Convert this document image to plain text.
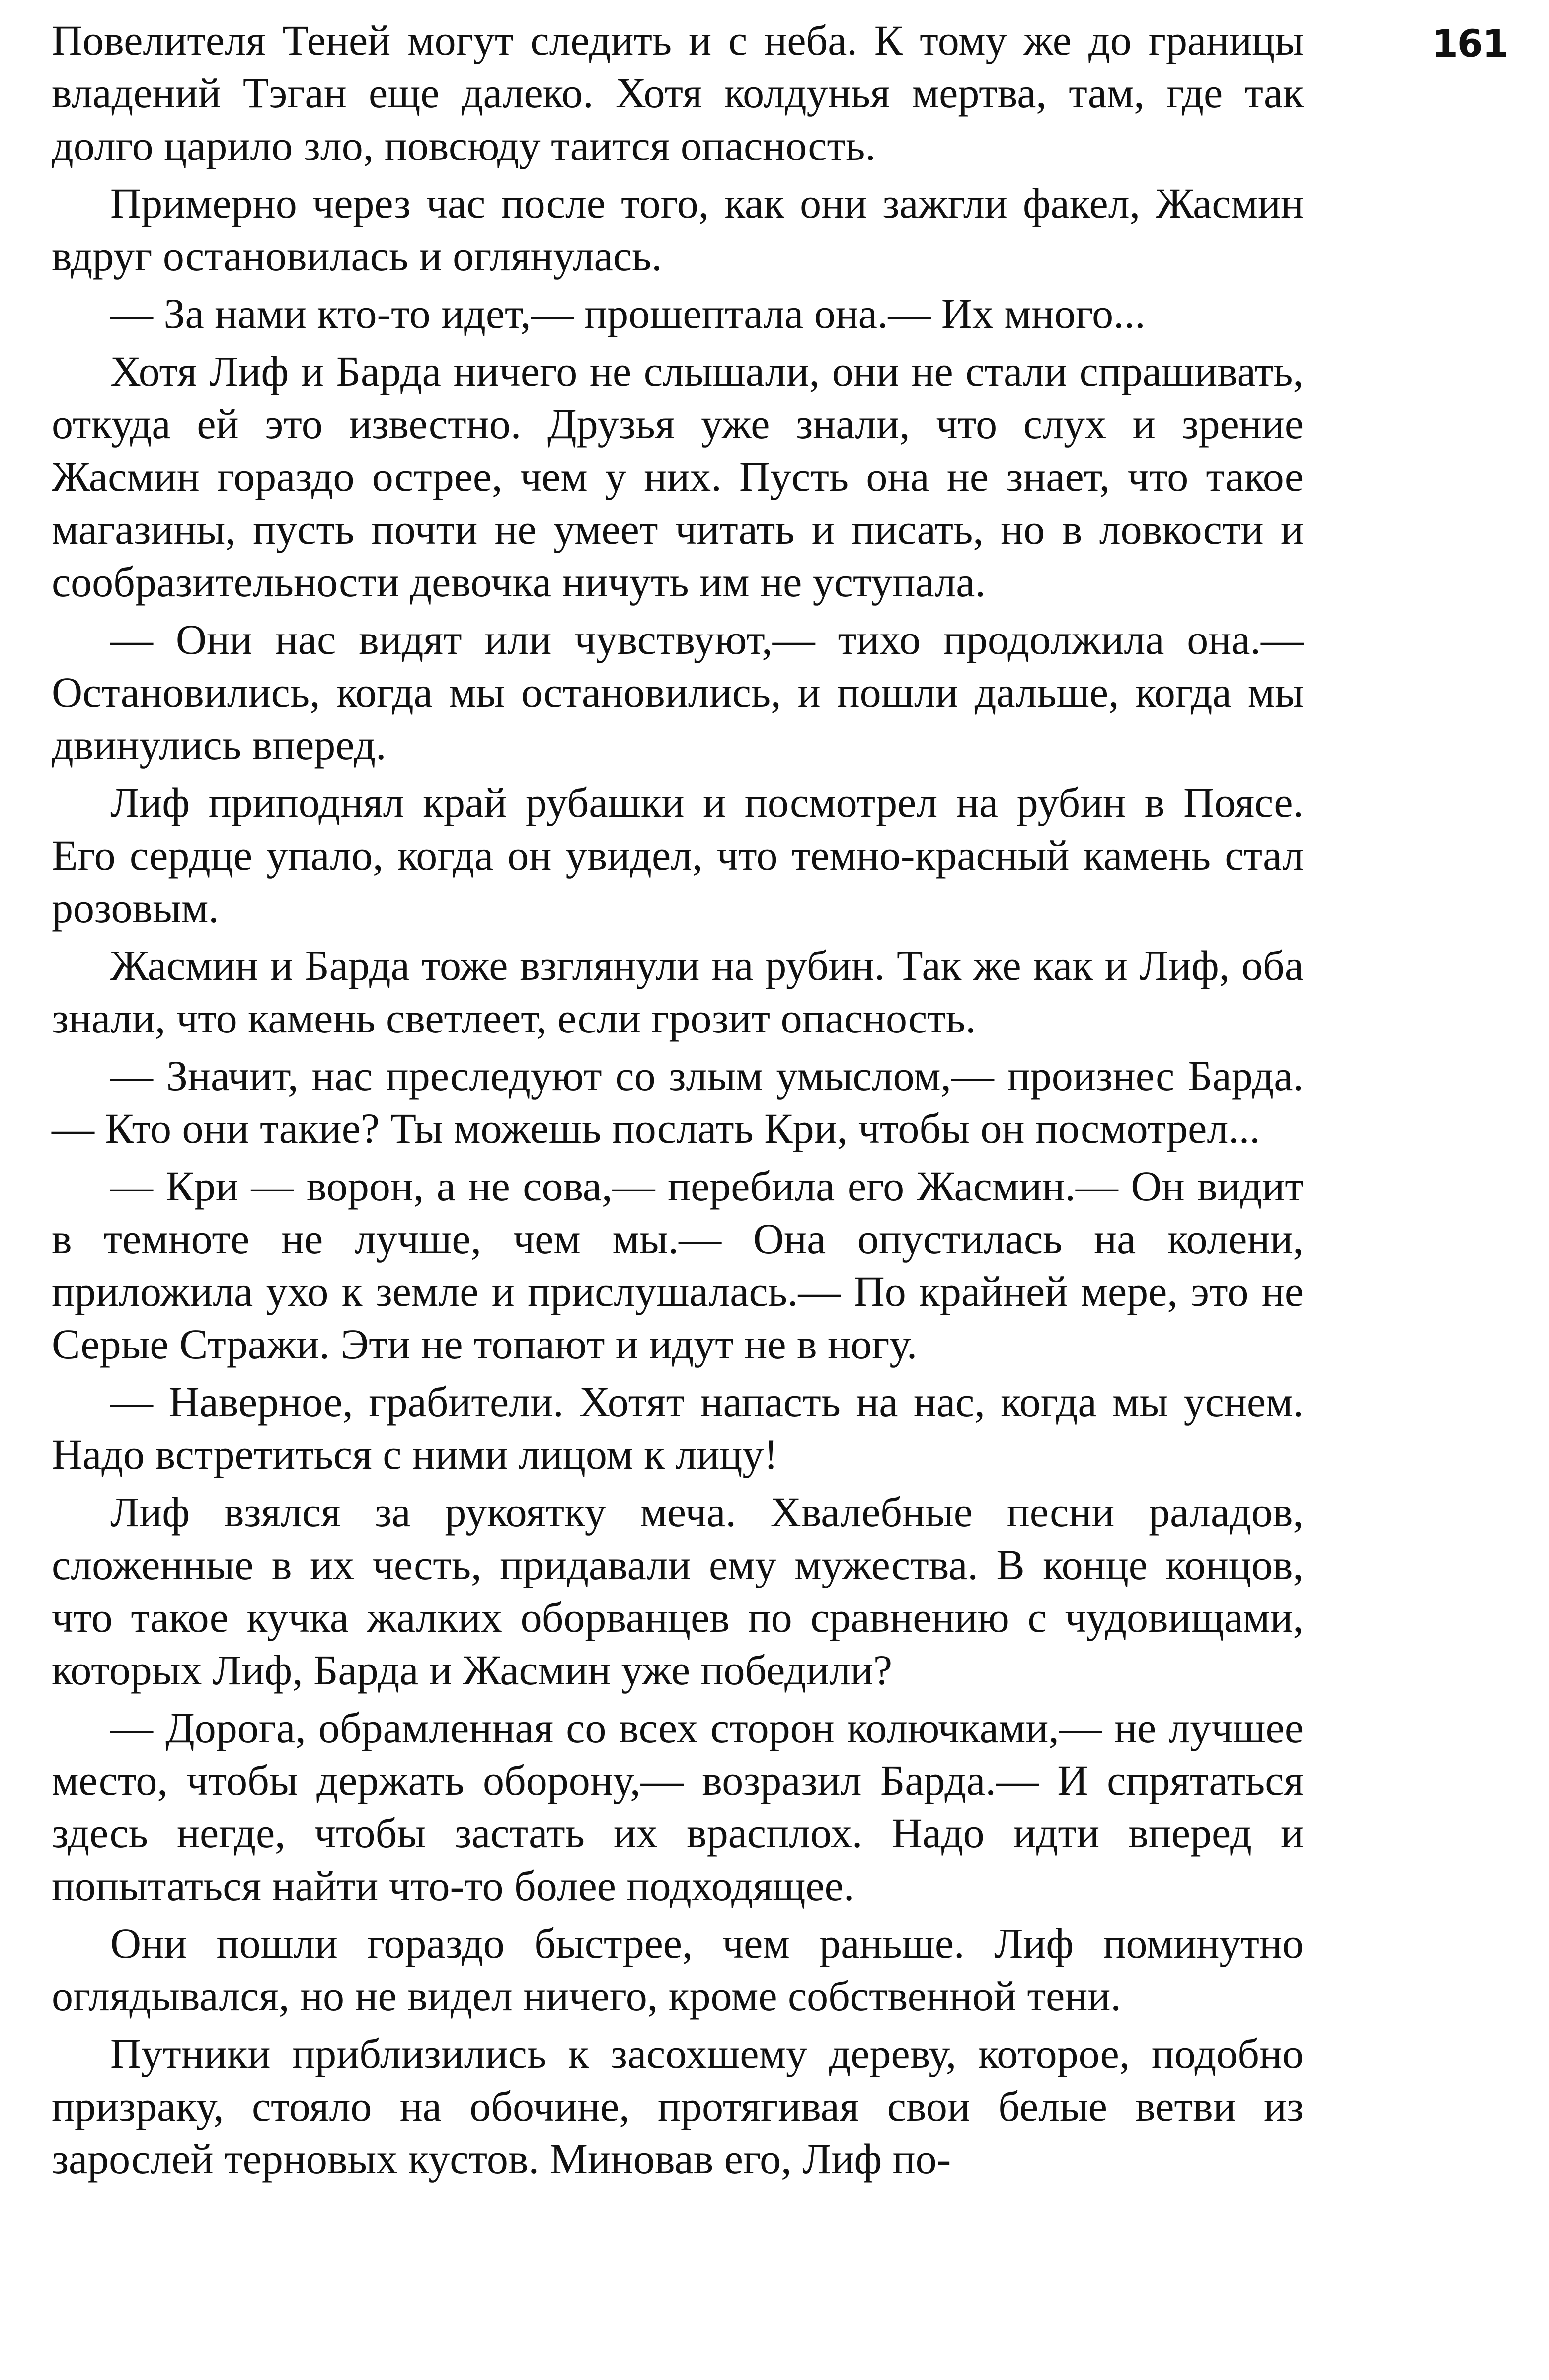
161

Повелителя Теней могут следить и с неба. К тому же до границы владений Тэган еще далеко. Хотя колдунья мертва, там, где так долго царило зло, повсюду таится опасность.

Примерно через час после того, как они зажгли факел, Жасмин вдруг остановилась и оглянулась.

— За нами кто-то идет,— прошептала она.— Их много...

Хотя Лиф и Барда ничего не слышали, они не стали спрашивать, откуда ей это известно. Друзья уже знали, что слух и зрение Жасмин гораздо острее, чем у них. Пусть она не знает, что такое магазины, пусть почти не умеет читать и писать, но в ловкости и сообразительности девочка ничуть им не уступала.

— Они нас видят или чувствуют,— тихо продолжила она.— Остановились, когда мы остановились, и пошли дальше, когда мы двинулись вперед.

Лиф приподнял край рубашки и посмотрел на рубин в Поясе. Его сердце упало, когда он увидел, что темно-красный камень стал розовым.

Жасмин и Барда тоже взглянули на рубин. Так же как и Лиф, оба знали, что камень светлеет, если грозит опасность.

— Значит, нас преследуют со злым умыслом,— произнес Барда.— Кто они такие? Ты можешь послать Кри, чтобы он посмотрел...

— Кри — ворон, а не сова,— перебила его Жасмин.— Он видит в темноте не лучше, чем мы.— Она опустилась на колени, приложила ухо к земле и прислушалась.— По крайней мере, это не Серые Стражи. Эти не топают и идут не в ногу.

— Наверное, грабители. Хотят напасть на нас, когда мы уснем. Надо встретиться с ними лицом к лицу!

Лиф взялся за рукоятку меча. Хвалебные песни раладов, сложенные в их честь, придавали ему мужества. В конце концов, что такое кучка жалких оборванцев по сравнению с чудовищами, которых Лиф, Барда и Жасмин уже победили?

— Дорога, обрамленная со всех сторон колючками,— не лучшее место, чтобы держать оборону,— возразил Барда.— И спрятаться здесь негде, чтобы застать их врасплох. Надо идти вперед и попытаться найти что-то более подходящее.

Они пошли гораздо быстрее, чем раньше. Лиф поминутно оглядывался, но не видел ничего, кроме собственной тени.

Путники приблизились к засохшему дереву, которое, подобно призраку, стояло на обочине, протягивая свои белые ветви из зарослей терновых кустов. Миновав его, Лиф по-
